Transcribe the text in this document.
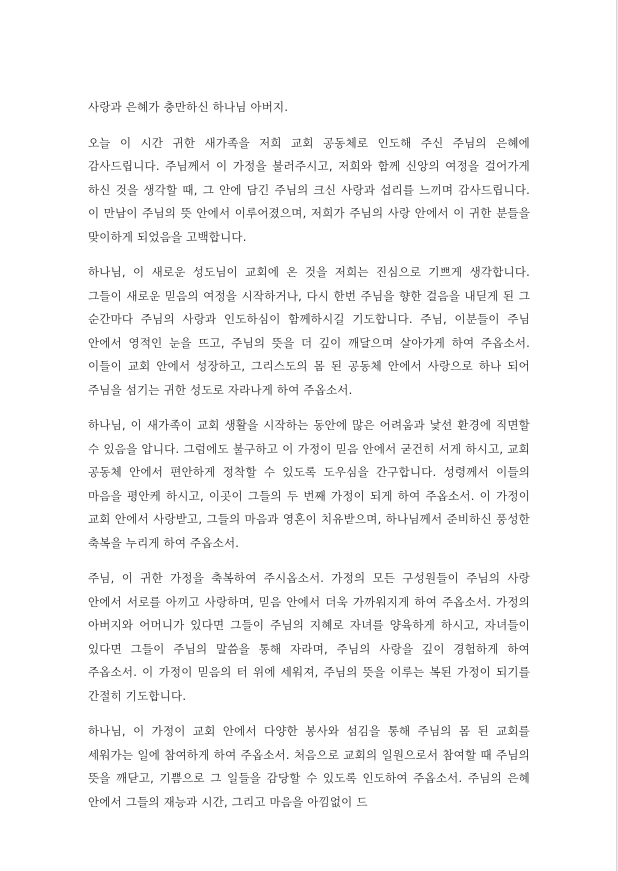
사랑과 은혜가 충만하신 하나님 아버지.

오늘 이 시간 귀한 새가족을 저희 교회 공동체로 인도해 주신 주님의 은혜에 감사드립니다. 주님께서 이 가정을 불러주시고, 저희와 함께 신앙의 여정을 걸어가게 하신 것을 생각할 때, 그 안에 담긴 주님의 크신 사랑과 섭리를 느끼며 감사드립니다. 이 만남이 주님의 뜻 안에서 이루어졌으며, 저희가 주님의 사랑 안에서 이 귀한 분들을 맞이하게 되었음을 고백합니다.

하나님, 이 새로운 성도님이 교회에 온 것을 저희는 진심으로 기쁘게 생각합니다. 그들이 새로운 믿음의 여정을 시작하거나, 다시 한번 주님을 향한 걸음을 내딛게 된 그 순간마다 주님의 사랑과 인도하심이 함께하시길 기도합니다. 주님, 이분들이 주님 안에서 영적인 눈을 뜨고, 주님의 뜻을 더 깊이 깨달으며 살아가게 하여 주옵소서. 이들이 교회 안에서 성장하고, 그리스도의 몸 된 공동체 안에서 사랑으로 하나 되어 주님을 섬기는 귀한 성도로 자라나게 하여 주옵소서.

하나님, 이 새가족이 교회 생활을 시작하는 동안에 많은 어려움과 낯선 환경에 직면할 수 있음을 압니다. 그럼에도 불구하고 이 가정이 믿음 안에서 굳건히 서게 하시고, 교회 공동체 안에서 편안하게 정착할 수 있도록 도우심을 간구합니다. 성령께서 이들의 마음을 평안케 하시고, 이곳이 그들의 두 번째 가정이 되게 하여 주옵소서. 이 가정이 교회 안에서 사랑받고, 그들의 마음과 영혼이 치유받으며, 하나님께서 준비하신 풍성한 축복을 누리게 하여 주옵소서.

주님, 이 귀한 가정을 축복하여 주시옵소서. 가정의 모든 구성원들이 주님의 사랑 안에서 서로를 아끼고 사랑하며, 믿음 안에서 더욱 가까워지게 하여 주옵소서. 가정의 아버지와 어머니가 있다면 그들이 주님의 지혜로 자녀를 양육하게 하시고, 자녀들이 있다면 그들이 주님의 말씀을 통해 자라며, 주님의 사랑을 깊이 경험하게 하여 주옵소서. 이 가정이 믿음의 터 위에 세워져, 주님의 뜻을 이루는 복된 가정이 되기를 간절히 기도합니다.

하나님, 이 가정이 교회 안에서 다양한 봉사와 섬김을 통해 주님의 몸 된 교회를 세워가는 일에 참여하게 하여 주옵소서. 처음으로 교회의 일원으로서 참여할 때 주님의 뜻을 깨닫고, 기쁨으로 그 일들을 감당할 수 있도록 인도하여 주옵소서. 주님의 은혜 안에서 그들의 재능과 시간, 그리고 마음을 아낌없이 드
